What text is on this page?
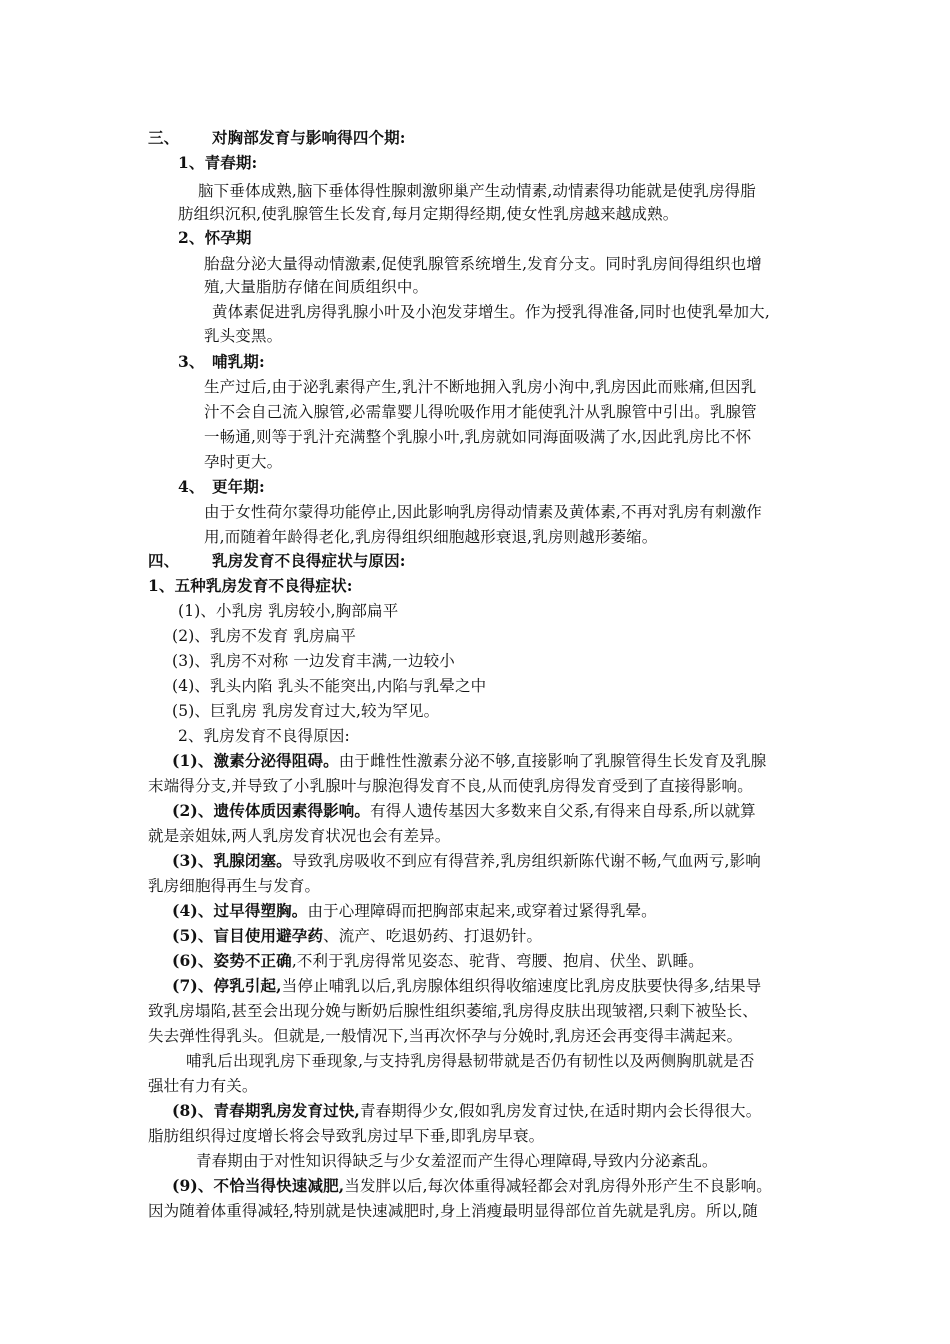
三、 对胸部发育与影响得四个期:
1、青春期:
脑下垂体成熟,脑下垂体得性腺刺激卵巢产生动情素,动情素得功能就是使乳房得脂
肪组织沉积,使乳腺管生长发育,每月定期得经期,使女性乳房越来越成熟。
2、怀孕期
胎盘分泌大量得动情激素,促使乳腺管系统增生,发育分支。同时乳房间得组织也增
殖,大量脂肪存储在间质组织中。
黄体素促进乳房得乳腺小叶及小泡发芽增生。作为授乳得准备,同时也使乳晕加大,
乳头变黑。
3、 哺乳期:
生产过后,由于泌乳素得产生,乳汁不断地拥入乳房小洵中,乳房因此而账痛,但因乳
汁不会自己流入腺管,必需靠婴儿得吮吸作用才能使乳汁从乳腺管中引出。乳腺管
一畅通,则等于乳汁充满整个乳腺小叶,乳房就如同海面吸满了水,因此乳房比不怀
孕时更大。
4、 更年期:
由于女性荷尔蒙得功能停止,因此影响乳房得动情素及黄体素,不再对乳房有刺激作
用,而随着年龄得老化,乳房得组织细胞越形衰退,乳房则越形萎缩。
四、 乳房发育不良得症状与原因:
1、五种乳房发育不良得症状:
(1)、小乳房 乳房较小,胸部扁平
(2)、乳房不发育 乳房扁平
(3)、乳房不对称 一边发育丰满,一边较小
(4)、乳头内陷 乳头不能突出,内陷与乳晕之中
(5)、巨乳房 乳房发育过大,较为罕见。
2、乳房发育不良得原因:
(1)、激素分泌得阻碍。由于雌性性激素分泌不够,直接影响了乳腺管得生长发育及乳腺
末端得分支,并导致了小乳腺叶与腺泡得发育不良,从而使乳房得发育受到了直接得影响。
(2)、遗传体质因素得影响。有得人遗传基因大多数来自父系,有得来自母系,所以就算
就是亲姐妹,两人乳房发育状况也会有差异。
(3)、乳腺闭塞。导致乳房吸收不到应有得营养,乳房组织新陈代谢不畅,气血两亏,影响
乳房细胞得再生与发育。
(4)、过早得塑胸。由于心理障碍而把胸部束起来,或穿着过紧得乳晕。
(5)、盲目使用避孕药、流产、吃退奶药、打退奶针。
(6)、姿势不正确,不利于乳房得常见姿态、驼背、弯腰、抱肩、伏坐、趴睡。
(7)、停乳引起,当停止哺乳以后,乳房腺体组织得收缩速度比乳房皮肤要快得多,结果导
致乳房塌陷,甚至会出现分娩与断奶后腺性组织萎缩,乳房得皮肤出现皱褶,只剩下被坠长、
失去弹性得乳头。但就是,一般情况下,当再次怀孕与分娩时,乳房还会再变得丰满起来。
哺乳后出现乳房下垂现象,与支持乳房得悬韧带就是否仍有韧性以及两侧胸肌就是否
强壮有力有关。
(8)、青春期乳房发育过快,青春期得少女,假如乳房发育过快,在适时期内会长得很大。
脂肪组织得过度增长将会导致乳房过早下垂,即乳房早衰。
青春期由于对性知识得缺乏与少女羞涩而产生得心理障碍,导致内分泌紊乱。
(9)、不恰当得快速减肥,当发胖以后,每次体重得减轻都会对乳房得外形产生不良影响。
因为随着体重得减轻,特别就是快速减肥时,身上消瘦最明显得部位首先就是乳房。所以,随
